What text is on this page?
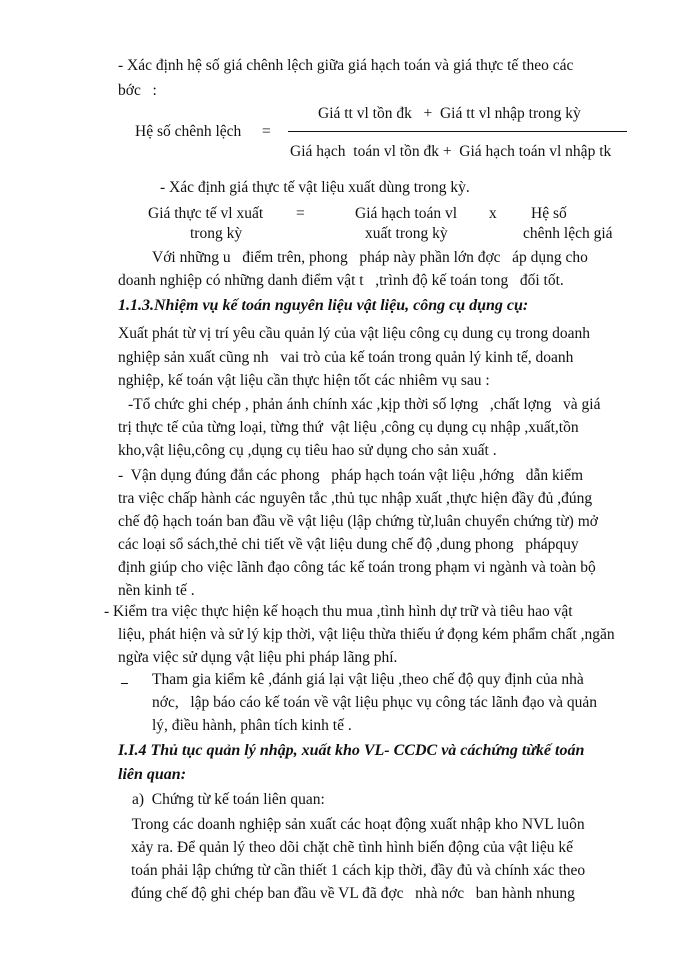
- Xác định hệ số giá chênh lệch giữa giá hạch toán và giá thực tế theo các
bớc   :
Hệ số chênh lệch =
Giá tt vl tồn đk   +  Giá tt vl nhập trong kỳ
Giá hạch  toán vl tồn đk +  Giá hạch toán vl nhập tk
- Xác định giá thực tế vật liệu xuất dùng trong kỳ.
Giá thực tế vl xuất
trong kỳ
=	Giá hạch toán vl
xuất trong kỳ
x Hệ số
chênh lệch giá
Với những u   điểm trên, phong   pháp này phần lớn đợc   áp dụng cho
doanh nghiệp có những danh điểm vật t   ,trình độ kế toán tong   đối tốt.
1.1.3.Nhiệm vụ kế toán nguyên liệu vật liệu, công cụ dụng cụ:
Xuất phát từ vị trí yêu cầu quản lý của vật liệu công cụ dung cụ trong doanh
nghiệp sản xuất cũng nh   vai trò của kế toán trong quản lý kinh tế, doanh
nghiệp, kế toán vật liệu cần thực hiện tốt các nhiêm vụ sau :
-Tổ chức ghi chép , phản ánh chính xác ,kịp thời số lợng   ,chất lợng   và giá
trị thực tế của từng loại, từng thứ  vật liệu ,công cụ dụng cụ nhập ,xuất,tồn
kho,vật liệu,công cụ ,dụng cụ tiêu hao sử dụng cho sản xuất .
-  Vận dụng đúng đắn các phong   pháp hạch toán vật liệu ,hớng   dẫn kiểm
tra việc chấp hành các nguyên tắc ,thủ tục nhập xuất ,thực hiện đầy đủ ,đúng
chế độ hạch toán ban đầu về vật liệu (lập chứng từ,luân chuyển chứng từ) mở
các loại sổ sách,thẻ chi tiết về vật liệu dung chế độ ,dung phong   phápquy
định giúp cho việc lãnh đạo công tác kế toán trong phạm vi ngành và toàn bộ
nền kinh tế .
- Kiểm tra việc thực hiện kế hoạch thu mua ,tình hình dự trữ và tiêu hao vật
liệu, phát hiện và sử lý kịp thời, vật liệu thừa thiếu ứ đọng kém phẩm chất ,ngăn
ngừa việc sử dụng vật liệu phi pháp lãng phí.
Tham gia kiểm kê ,đánh giá lại vật liệu ,theo chế độ quy định của nhà
nớc,   lập báo cáo kế toán về vật liệu phục vụ công tác lãnh đạo và quản
lý, điều hành, phân tích kinh tế .
I.I.4 Thủ tục quản lý nhập, xuất kho VL- CCDC và cáchứng từkế toán
liên quan:
a)  Chứng từ kế toán liên quan:
Trong các doanh nghiệp sản xuất các hoạt động xuất nhập kho NVL luôn
xảy ra. Để quản lý theo dõi chặt chẽ tình hình biến động của vật liệu kế
toán phải lập chứng từ cần thiết 1 cách kịp thời, đầy đủ và chính xác theo
đúng chế độ ghi chép ban đầu về VL đã đợc   nhà nớc   ban hành nhung
